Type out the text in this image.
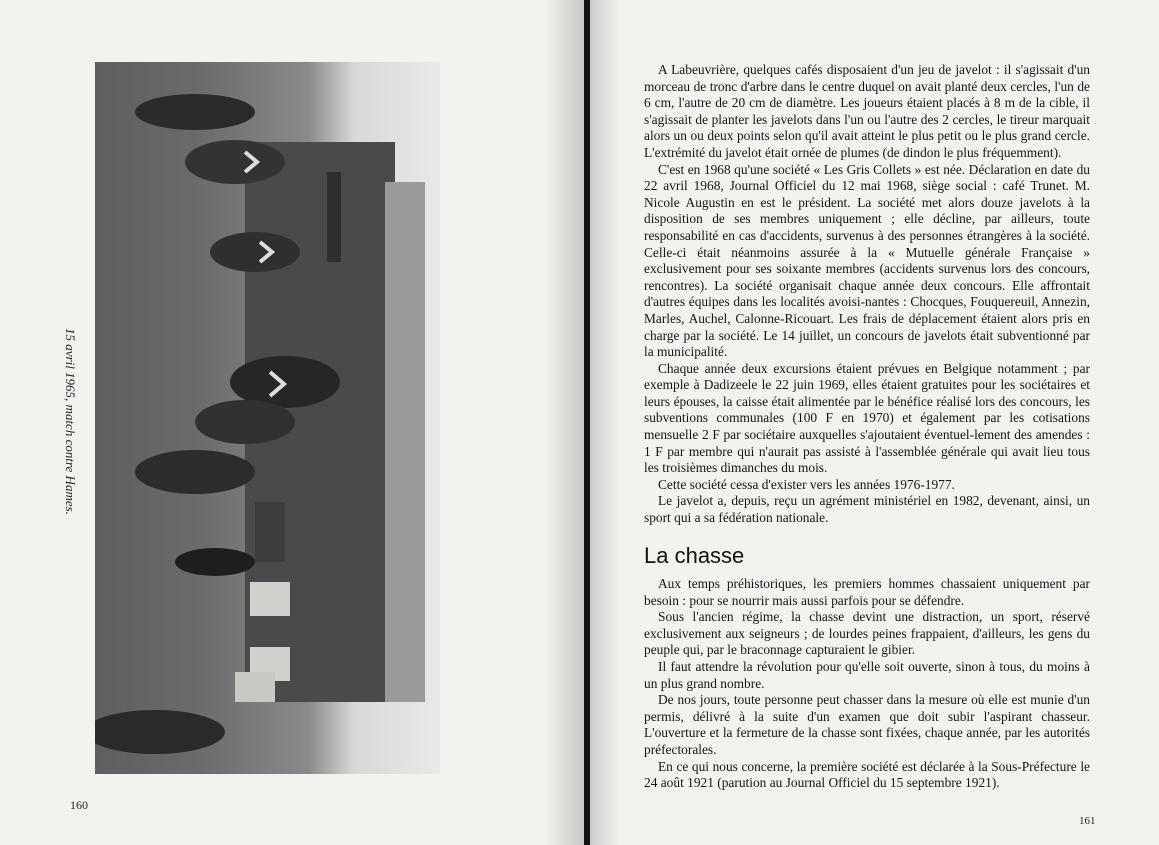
15 avril 1965, match contre Hames.
160

A Labeuvrière, quelques cafés disposaient d'un jeu de javelot : il s'agissait d'un morceau de tronc d'arbre dans le centre duquel on avait planté deux cercles, l'un de 6 cm, l'autre de 20 cm de diamètre. Les joueurs étaient placés à 8 m de la cible, il s'agissait de planter les javelots dans l'un ou l'autre des 2 cercles, le tireur marquait alors un ou deux points selon qu'il avait atteint le plus petit ou le plus grand cercle. L'extrémité du javelot était ornée de plumes (de dindon le plus fréquemment).

C'est en 1968 qu'une société « Les Gris Collets » est née. Déclaration en date du 22 avril 1968, Journal Officiel du 12 mai 1968, siège social : café Trunet. M. Nicole Augustin en est le président. La société met alors douze javelots à la disposition de ses membres uniquement ; elle décline, par ailleurs, toute responsabilité en cas d'accidents, survenus à des personnes étrangères à la société. Celle-ci était néanmoins assurée à la « Mutuelle générale Française » exclusivement pour ses soixante membres (accidents survenus lors des concours, rencontres). La société organisait chaque année deux concours. Elle affrontait d'autres équipes dans les localités avoisi-nantes : Chocques, Fouquereuil, Annezin, Marles, Auchel, Calonne-Ricouart. Les frais de déplacement étaient alors pris en charge par la société. Le 14 juillet, un concours de javelots était subventionné par la municipalité.

Chaque année deux excursions étaient prévues en Belgique notamment ; par exemple à Dadizeele le 22 juin 1969, elles étaient gratuites pour les sociétaires et leurs épouses, la caisse était alimentée par le bénéfice réalisé lors des concours, les subventions communales (100 F en 1970) et également par les cotisations mensuelle 2 F par sociétaire auxquelles s'ajoutaient éventuel-lement des amendes : 1 F par membre qui n'aurait pas assisté à l'assemblée générale qui avait lieu tous les troisièmes dimanches du mois.

Cette société cessa d'exister vers les années 1976-1977.

Le javelot a, depuis, reçu un agrément ministériel en 1982, devenant, ainsi, un sport qui a sa fédération nationale.

La chasse

Aux temps préhistoriques, les premiers hommes chassaient uniquement par besoin : pour se nourrir mais aussi parfois pour se défendre.

Sous l'ancien régime, la chasse devint une distraction, un sport, réservé exclusivement aux seigneurs ; de lourdes peines frappaient, d'ailleurs, les gens du peuple qui, par le braconnage capturaient le gibier.

Il faut attendre la révolution pour qu'elle soit ouverte, sinon à tous, du moins à un plus grand nombre.

De nos jours, toute personne peut chasser dans la mesure où elle est munie d'un permis, délivré à la suite d'un examen que doit subir l'aspirant chasseur. L'ouverture et la fermeture de la chasse sont fixées, chaque année, par les autorités préfectorales.

En ce qui nous concerne, la première société est déclarée à la Sous-Préfecture le 24 août 1921 (parution au Journal Officiel du 15 septembre 1921).

161
